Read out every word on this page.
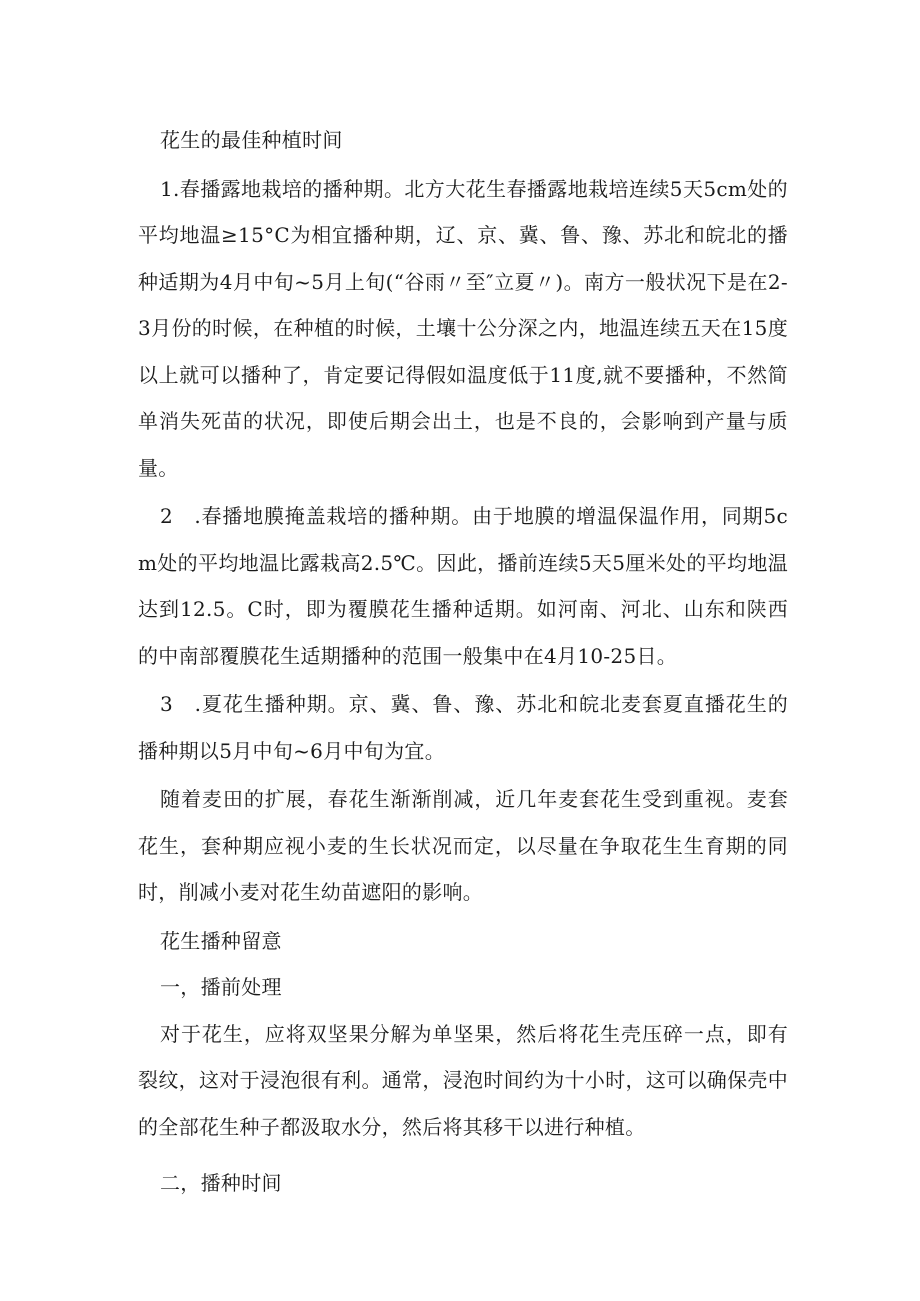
花生的最佳种植时间

1.春播露地栽培的播种期。北方大花生春播露地栽培连续5天5cm处的平均地温≥15°C为相宜播种期，辽、京、冀、鲁、豫、苏北和皖北的播种适期为4月中旬~5月上旬(“谷雨〃至″立夏〃)。南方一般状况下是在2-3月份的时候，在种植的时候，土壤十公分深之内，地温连续五天在15度以上就可以播种了，肯定要记得假如温度低于11度,就不要播种，不然简单消失死苗的状况，即使后期会出土，也是不良的，会影响到产量与质量。

2　.春播地膜掩盖栽培的播种期。由于地膜的增温保温作用，同期5cm处的平均地温比露栽高2.5℃。因此，播前连续5天5厘米处的平均地温达到12.5。C时，即为覆膜花生播种适期。如河南、河北、山东和陕西的中南部覆膜花生适期播种的范围一般集中在4月10-25日。

3　.夏花生播种期。京、冀、鲁、豫、苏北和皖北麦套夏直播花生的播种期以5月中旬~6月中旬为宜。

随着麦田的扩展，春花生渐渐削减，近几年麦套花生受到重视。麦套花生，套种期应视小麦的生长状况而定，以尽量在争取花生生育期的同时，削减小麦对花生幼苗遮阳的影响。

花生播种留意

一，播前处理

对于花生，应将双坚果分解为单坚果，然后将花生壳压碎一点，即有裂纹，这对于浸泡很有利。通常，浸泡时间约为十小时，这可以确保壳中的全部花生种子都汲取水分，然后将其移干以进行种植。

二，播种时间
